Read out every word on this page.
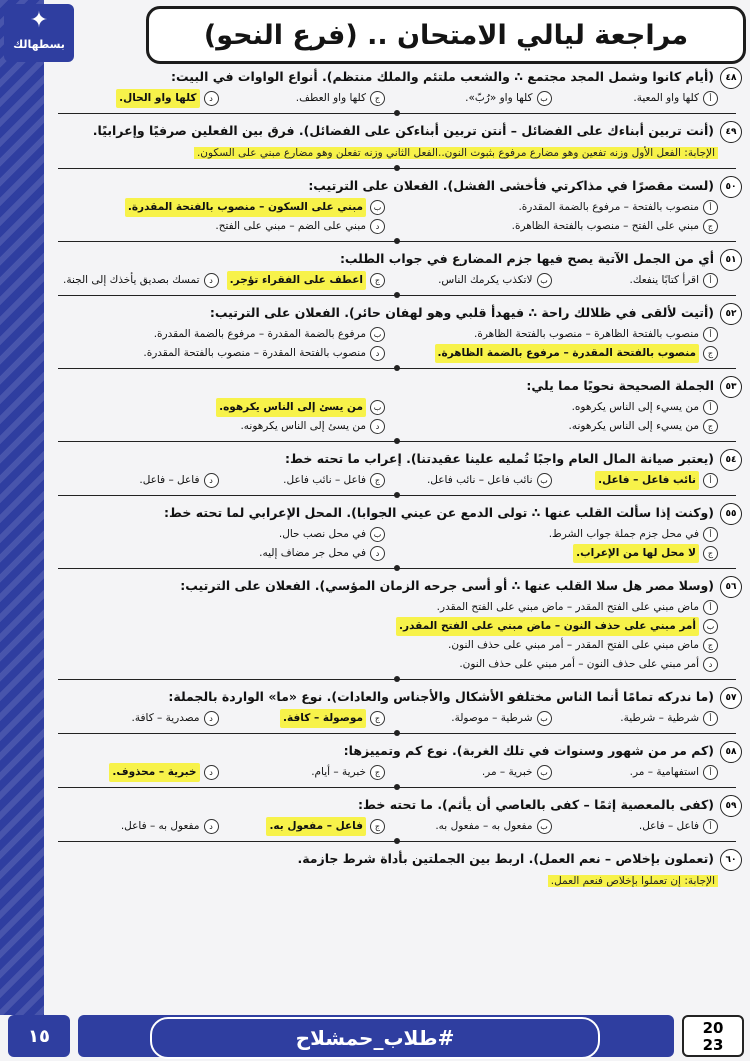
✦
بسطهالك	مراجعة ليالي الامتحان .. (فرع النحو)
٤٨
(أيام كانوا وشمل المجد مجتمع ∴ والشعب ملتئم والملك منتظم). أنواع الواوات في البيت:
أ
كلها واو المعية.
ب
كلها واو «رُبّ».
ج
كلها واو العطف.
د
كلها واو الحال.
٤٩
(أنت تربين أبناءك على الفضائل – أنتن تربين أبناءكن على الفضائل). فرق بين الفعلين صرفيًا وإعرابيًا.
الإجابة: الفعل الأول وزنه تفعين وهو مضارع مرفوع بثبوت النون..الفعل الثاني وزنه تفعلن وهو مضارع مبني على السكون.
٥٠
(لست مقصرًا في مذاكرتي فأخشى الفشل). الفعلان على الترتيب:
أ
منصوب بالفتحة – مرفوع بالضمة المقدرة.
ب
مبني على السكون – منصوب بالفتحة المقدرة.
ج
مبني على الفتح – منصوب بالفتحة الظاهرة.
د
مبني على الضم – مبني على الفتح.
٥١
أي من الجمل الآتية يصح فيها جزم المضارع في جواب الطلب:
أ
اقرأ كتابًا ينفعك.
ب
لاتكذب يكرمك الناس.
ج
اعطف على الفقراء تؤجر.
د
تمسك بصديق يأخذك إلى الجنة.
٥٢
(أتيت لألقى في ظلالك راحة ∴ فيهدأ قلبي وهو لهفان حائر). الفعلان على الترتيب:
أ
منصوب بالفتحة الظاهرة – منصوب بالفتحة الظاهرة.
ب
مرفوع بالضمة المقدرة – مرفوع بالضمة المقدرة.
ج
منصوب بالفتحة المقدرة – مرفوع بالضمة الظاهرة.
د
منصوب بالفتحة المقدرة – منصوب بالفتحة المقدرة.
٥٣
الجملة الصحيحة نحويًا مما يلي:
أ
من يسيء إلى الناس يكرهوه.
ب
من يسئ إلى الناس يكرهوه.
ج
من يسيء إلى الناس يكرهونه.
د
من يسئ إلى الناس يكرهونه.
٥٤
(يعتبر صيانة المال العام واجبًا تُمليه علينا عقيدتنا). إعراب ما تحته خط:
أ
نائب فاعل – فاعل.
ب
نائب فاعل – نائب فاعل.
ج
فاعل – نائب فاعل.
د
فاعل – فاعل.
٥٥
(وكنت إذا سألت القلب عنها ∴ تولى الدمع عن عيني الجوابا). المحل الإعرابي لما تحته خط:
أ
في محل جزم جملة جواب الشرط.
ب
في محل نصب حال.
ج
لا محل لها من الإعراب.
د
في محل جر مضاف إليه.
٥٦
(وسلا مصر هل سلا القلب عنها ∴ أو أسى جرحه الزمان المؤسي). الفعلان على الترتيب:
أ
ماض مبني على الفتح المقدر – ماض مبني على الفتح المقدر.
ب
أمر مبني على حذف النون – ماض مبني على الفتح المقدر.
ج
ماض مبني على الفتح المقدر – أمر مبني على حذف النون.
د
أمر مبني على حذف النون – أمر مبني على حذف النون.
٥٧
(ما ندركه تمامًا أنما الناس مختلفو الأشكال والأجناس والعادات). نوع «ما» الواردة بالجملة:
أ
شرطية – شرطية.
ب
شرطية – موصولة.
ج
موصولة – كافة.
د
مصدرية – كافة.
٥٨
(كم مر من شهور وسنوات في تلك الغربة). نوع كم وتمييزها:
أ
استفهامية – مر.
ب
خبرية – مر.
ج
خبرية – أيام.
د
خبرية – محذوف.
٥٩
(كفى بالمعصية إثمًا – كفى بالعاصي أن يأثم). ما تحته خط:
أ
فاعل – فاعل.
ب
مفعول به – مفعول به.
ج
فاعل – مفعول به.
د
مفعول به – فاعل.
٦٠
(تعملون بإخلاص – نعم العمل). اربط بين الجملتين بأداة شرط جازمة.
الإجابة: إن تعملوا بإخلاص فنعم العمل.
١٥	#طلاب_حمشلاح	20
23
